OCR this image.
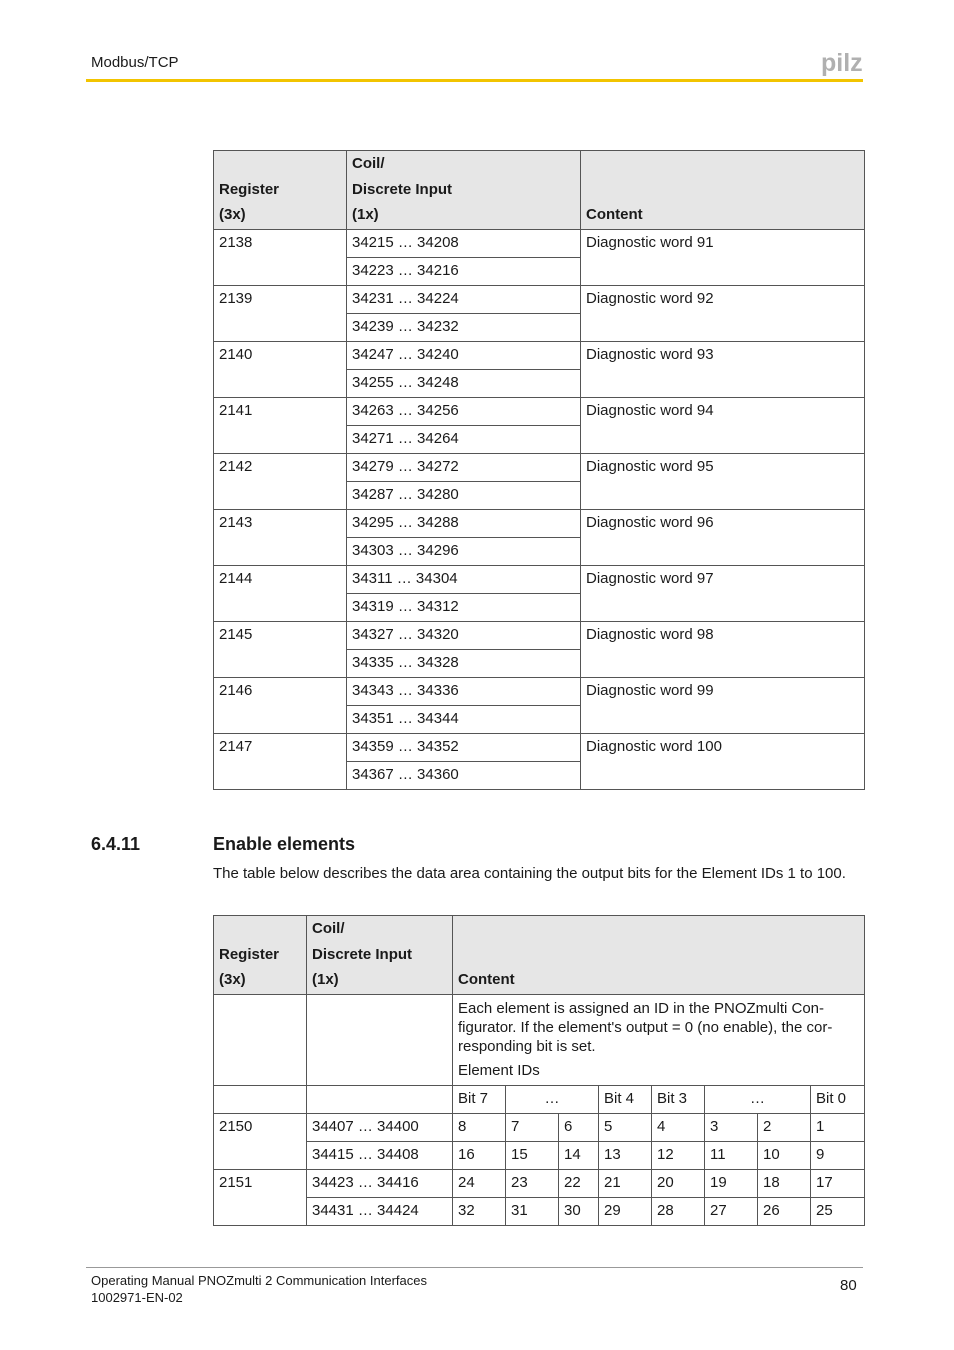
Modbus/TCP	pilz
Register
(3x)	Coil/
Discrete Input
(1x)	Content
2138	34215 … 34208	Diagnostic word 91
	34223 … 34216	
2139	34231 … 34224	Diagnostic word 92
	34239 … 34232	
2140	34247 … 34240	Diagnostic word 93
	34255 … 34248	
2141	34263 … 34256	Diagnostic word 94
	34271 … 34264	
2142	34279 … 34272	Diagnostic word 95
	34287 … 34280	
2143	34295 … 34288	Diagnostic word 96
	34303 … 34296	
2144	34311 … 34304	Diagnostic word 97
	34319 … 34312	
2145	34327 … 34320	Diagnostic word 98
	34335 … 34328	
2146	34343 … 34336	Diagnostic word 99
	34351 … 34344	
2147	34359 … 34352	Diagnostic word 100
	34367 … 34360	
6.4.11	Enable elements
The table below describes the data area containing the output bits for the Element IDs 1 to 100.
Register
(3x)	Coil/
Discrete Input
(1x)	Content							

		Each element is assigned an ID in the PNOZmulti Con-figurator. If the element's output = 0 (no enable), the cor-responding bit is set.
Element IDs							

		Bit 7	…		Bit 4	Bit 3	…		Bit 0
2150	34407 … 34400	8	7	6	5	4	3	2	1
	34415 … 34408	16	15	14	13	12	11	10	9
2151	34423 … 34416	24	23	22	21	20	19	18	17
	34431 … 34424	32	31	30	29	28	27	26	25
Operating Manual PNOZmulti 2 Communication Interfaces
1002971-EN-02
80
